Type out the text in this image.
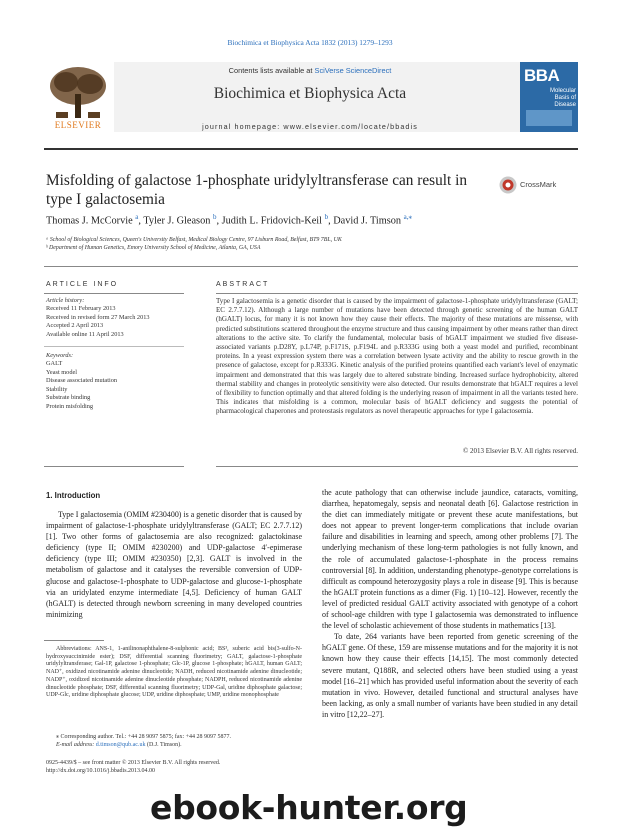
Biochimica et Biophysica Acta 1832 (2013) 1279–1293
ELSEVIER
Contents lists available at SciVerse ScienceDirect
Biochimica et Biophysica Acta
journal homepage: www.elsevier.com/locate/bbadis
BBA
Molecular Basis of Disease
Misfolding of galactose 1-phosphate uridylyltransferase can result in
type I galactosemia
CrossMark
Thomas J. McCorvie $^a$, Tyler J. Gleason $^b$, Judith L. Fridovich-Keil $^b$, David J. Timson $^{a,⁎}$
ᵃ School of Biological Sciences, Queen's University Belfast, Medical Biology Centre, 97 Lisburn Road, Belfast, BT9 7BL, UK
ᵇ Department of Human Genetics, Emory University School of Medicine, Atlanta, GA, USA
ARTICLE INFO
Article history:
Received 11 February 2013
Received in revised form 27 March 2013
Accepted 2 April 2013
Available online 11 April 2013
Keywords:
GALT
Yeast model
Disease associated mutation
Stability
Substrate binding
Protein misfolding
ABSTRACT
Type I galactosemia is a genetic disorder that is caused by the impairment of galactose-1-phosphate uridylyltransferase (GALT; EC 2.7.7.12). Although a large number of mutations have been detected through genetic screening of the human GALT (hGALT) locus, for many it is not known how they cause their effects. The majority of these mutations are missense, with predicted substitutions scattered throughout the enzyme structure and thus causing impairment by other means rather than direct alterations to the active site. To clarify the fundamental, molecular basis of hGALT impairment we studied five disease-associated variants p.D28Y, p.L74P, p.F171S, p.F194L and p.R333G using both a yeast model and purified, recombinant proteins. In a yeast expression system there was a correlation between lysate activity and the ability to rescue growth in the presence of galactose, except for p.R333G. Kinetic analysis of the purified proteins quantified each variant's level of enzymatic impairment and demonstrated that this was largely due to altered substrate binding. Increased surface hydrophobicity, altered thermal stability and changes in proteolytic sensitivity were also detected. Our results demonstrate that hGALT requires a level of flexibility to function optimally and that altered folding is the underlying reason of impairment in all the variants tested here. This indicates that misfolding is a common, molecular basis of hGALT deficiency and suggests the potential of pharmacological chaperones and proteostasis regulators as novel therapeutic approaches for type I galactosemia.
© 2013 Elsevier B.V. All rights reserved.
1. Introduction
Type I galactosemia (OMIM #230400) is a genetic disorder that is caused by impairment of galactose-1-phosphate uridylyltransferase (GALT; EC 2.7.7.12) [1]. Two other forms of galactosemia are also recognized: galactokinase deficiency (type II; OMIM #230200) and UDP-galactose 4′-epimerase deficiency (type III; OMIM #230350) [2,3]. GALT is involved in the metabolism of galactose and it catalyses the reversible conversion of UDP-glucose and galactose-1-phosphate to UDP-galactose and glucose-1-phosphate via an uridylated enzyme intermediate [4,5]. Deficiency of human GALT (hGALT) is detected through newborn screening in many developed countries minimizing
the acute pathology that can otherwise include jaundice, cataracts, vomiting, diarrhea, hepatomegaly, sepsis and neonatal death [6]. Galactose restriction in the diet can immediately mitigate or prevent these acute manifestations, but does not appear to prevent longer-term complications that include ovarian failure and disabilities in learning and speech, among other problems [7]. The underlying mechanism of these long-term pathologies is not fully known, and the role of accumulated galactose-1-phosphate in the process remains controversial [8]. In addition, understanding phenotype–genotype correlations is difficult as compound heterozygosity plays a role in disease [9]. This is because the hGALT protein functions as a dimer (Fig. 1) [10–12]. However, recently the level of predicted residual GALT activity associated with genotype of a cohort of school-age children with type I galactosemia was demonstrated to influence the level of scholastic achievement of those students in mathematics [13].
To date, 264 variants have been reported from genetic screening of the hGALT gene. Of these, 159 are missense mutations and for the majority it is not known how they cause their effects [14,15]. The most commonly detected severe mutant, Q188R, and selected others have been studied using a yeast model [16–21] which has provided useful information about the severity of each mutation in vivo. However, detailed functional and structural analyses have been lacking, as only a small number of variants have been studied in any detail in vitro [12,22–27].
Abbreviations: ANS-1, 1-anilinonaphthalene-8-sulphonic acid; BS³, suberic acid bis(3-sulfo-N-hydroxysuccinimide ester); DSF, differential scanning fluorimetry; GALT, galactose-1-phosphate uridylyltransferase; Gal-1P, galactose 1-phosphate; Glc-1P, glucose 1-phosphate; hGALT, human GALT; NAD⁺, oxidized nicotinamide adenine dinucleotide; NADH, reduced nicotinamide adenine dinucleotide; NADP⁺, oxidized nicotinamide adenine dinucleotide phosphate; NADPH, reduced nicotinamide adenine dinucleotide phosphate; DSF, differential scanning fluorimetry; UDP-Gal, uridine diphosphate galactose; UDP-Glc, uridine diphosphate glucose; UDP, uridine diphosphate; UMP, uridine monophosphate
⁎ Corresponding author. Tel.: +44 28 9097 5875; fax: +44 28 9097 5877.
E-mail address: d.timson@qub.ac.uk (D.J. Timson).
0925-4439/$ – see front matter © 2013 Elsevier B.V. All rights reserved.
http://dx.doi.org/10.1016/j.bbadis.2013.04.00
ebook-hunter.org
